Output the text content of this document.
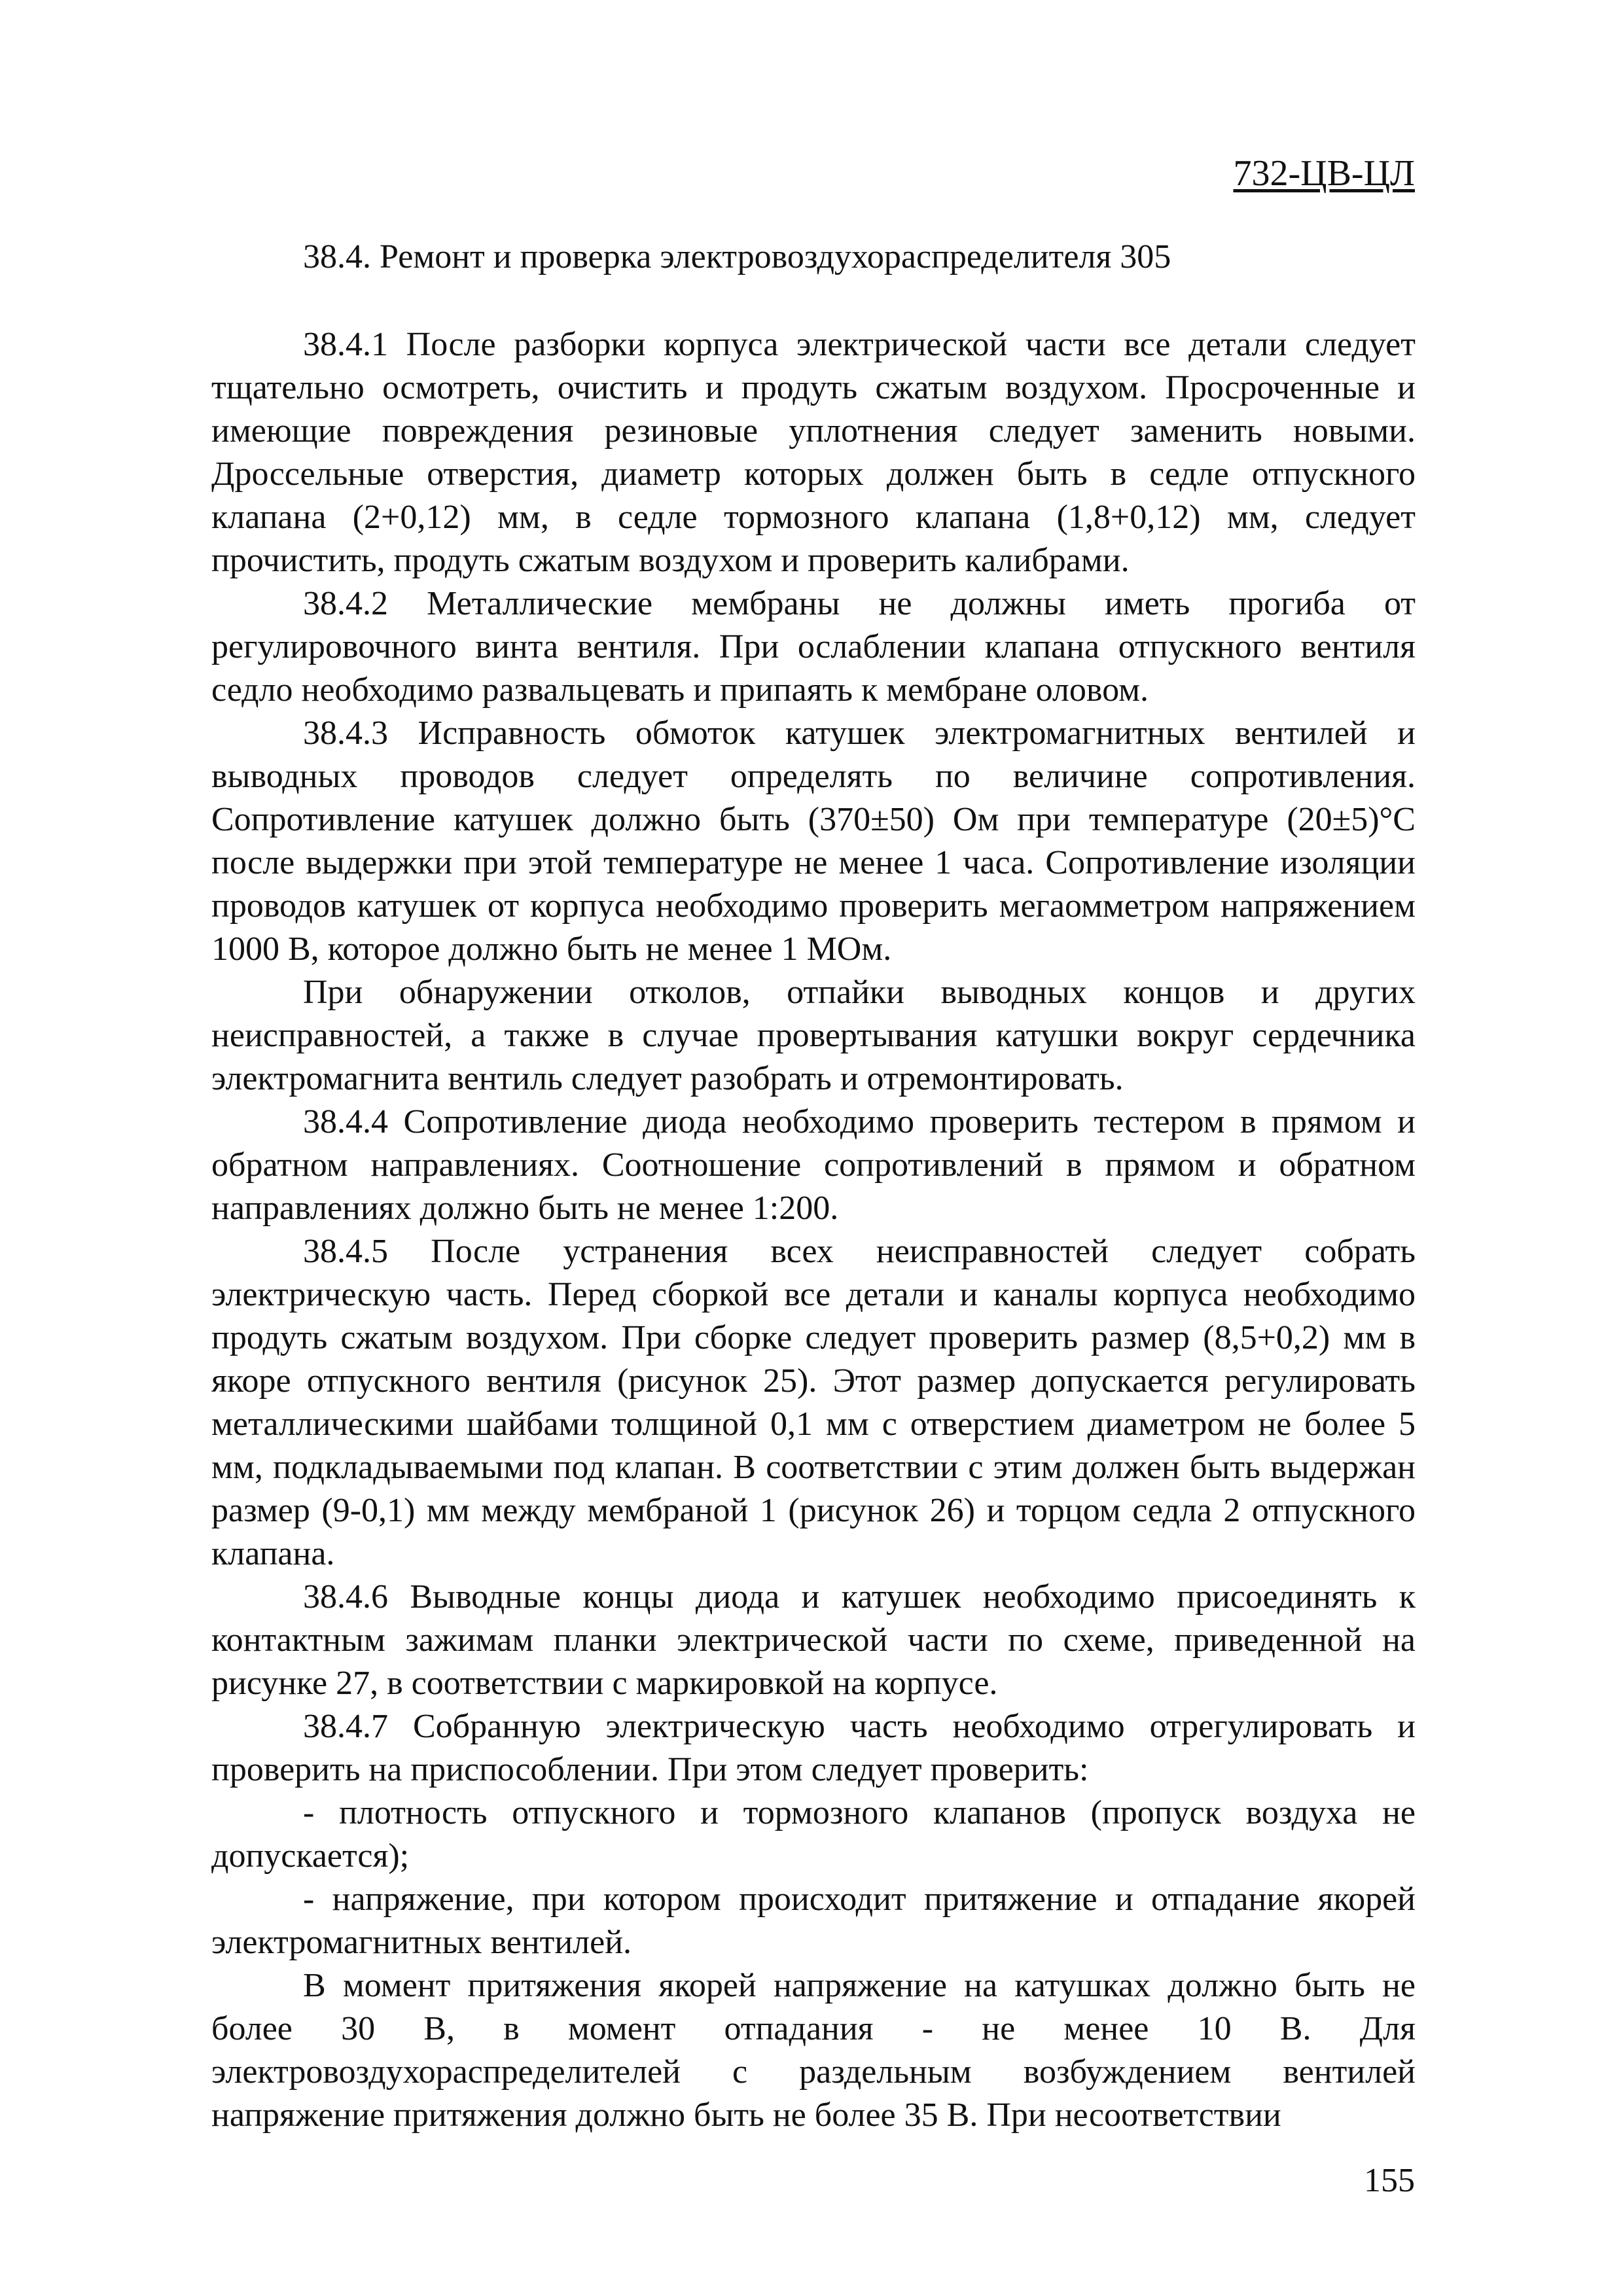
732-ЦВ-ЦЛ
38.4. Ремонт и проверка электровоздухораспределителя 305

38.4.1 После разборки корпуса электрической части все детали следует тщательно осмотреть, очистить и продуть сжатым воздухом. Просроченные и имеющие повреждения резиновые уплотнения следует заменить новыми. Дроссельные отверстия, диаметр которых должен быть в седле отпускного клапана (2+0,12) мм, в седле тормозного клапана (1,8+0,12) мм, следует прочистить, продуть сжатым воздухом и проверить калибрами.

38.4.2 Металлические мембраны не должны иметь прогиба от регулировочного винта вентиля. При ослаблении клапана отпускного вентиля седло необходимо развальцевать и припаять к мембране оловом.

38.4.3 Исправность обмоток катушек электромагнитных вентилей и выводных проводов следует определять по величине сопротивления. Сопротивление катушек должно быть (370±50) Ом при температуре (20±5)°С после выдержки при этой температуре не менее 1 часа. Сопротивление изоляции проводов катушек от корпуса необходимо проверить мегаомметром напряжением 1000 В, которое должно быть не менее 1 МОм.

При обнаружении отколов, отпайки выводных концов и других неисправностей, а также в случае провертывания катушки вокруг сердечника электромагнита вентиль следует разобрать и отремонтировать.

38.4.4 Сопротивление диода необходимо проверить тестером в прямом и обратном направлениях. Соотношение сопротивлений в прямом и обратном направлениях должно быть не менее 1:200.

38.4.5 После устранения всех неисправностей следует собрать электрическую часть. Перед сборкой все детали и каналы корпуса необходимо продуть сжатым воздухом. При сборке следует проверить размер (8,5+0,2) мм в якоре отпускного вентиля (рисунок 25). Этот размер допускается регулировать металлическими шайбами толщиной 0,1 мм с отверстием диаметром не более 5 мм, подкладываемыми под клапан. В соответствии с этим должен быть выдержан размер (9-0,1) мм между мембраной 1 (рисунок 26) и торцом седла 2 отпускного клапана.

38.4.6 Выводные концы диода и катушек необходимо присоединять к контактным зажимам планки электрической части по схеме, приведенной на рисунке 27, в соответствии с маркировкой на корпусе.

38.4.7 Собранную электрическую часть необходимо отрегулировать и проверить на приспособлении. При этом следует проверить:

- плотность отпускного и тормозного клапанов (пропуск воздуха не допускается);

- напряжение, при котором происходит притяжение и отпадание якорей электромагнитных вентилей.

В момент притяжения якорей напряжение на катушках должно быть не более 30 В, в момент отпадания - не менее 10 В. Для электровоздухораспределителей с раздельным возбуждением вентилей напряжение притяжения должно быть не более 35 В. При несоответствии

155
